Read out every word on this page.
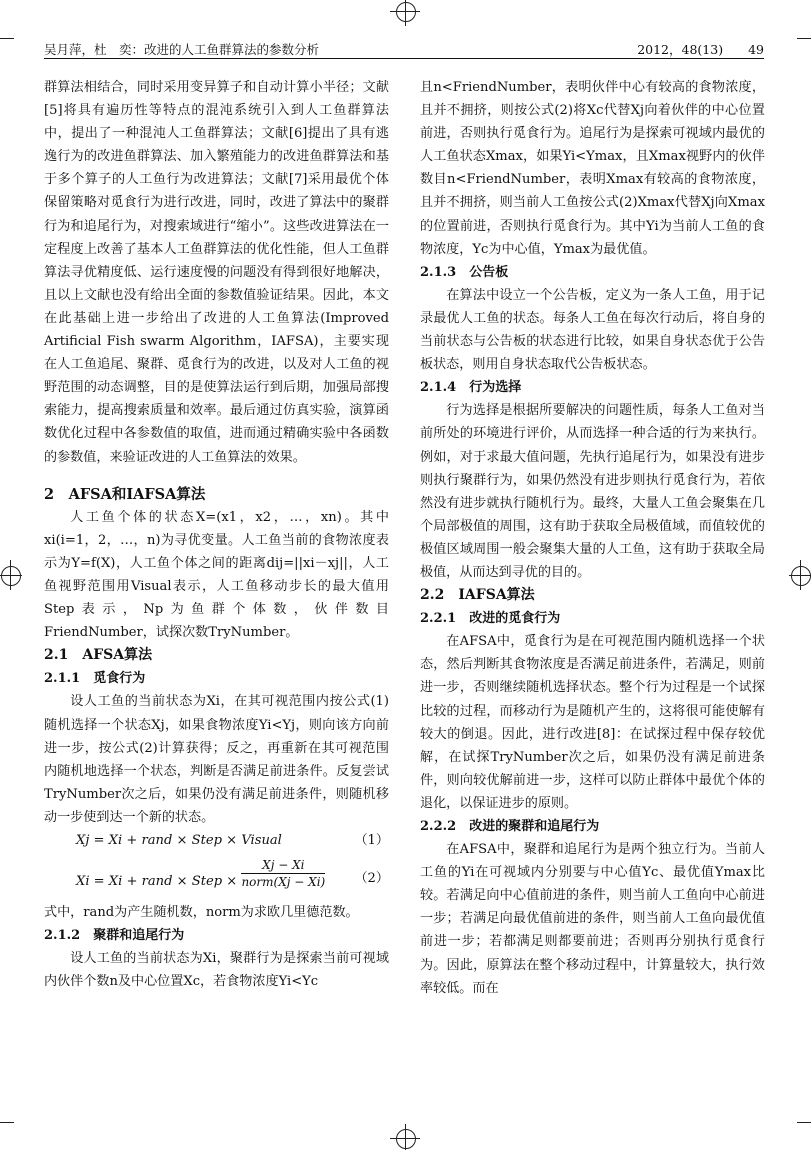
吴月萍，杜　奕：改进的人工鱼群算法的参数分析	2012，48(13)　　49

群算法相结合，同时采用变异算子和自动计算小半径；文献[5]将具有遍历性等特点的混沌系统引入到人工鱼群算法中，提出了一种混沌人工鱼群算法；文献[6]提出了具有逃逸行为的改进鱼群算法、加入繁殖能力的改进鱼群算法和基于多个算子的人工鱼行为改进算法；文献[7]采用最优个体保留策略对觅食行为进行改进，同时，改进了算法中的聚群行为和追尾行为，对搜索域进行“缩小”。这些改进算法在一定程度上改善了基本人工鱼群算法的优化性能，但人工鱼群算法寻优精度低、运行速度慢的问题没有得到很好地解决，且以上文献也没有给出全面的参数值验证结果。因此，本文在此基础上进一步给出了改进的人工鱼算法(Improved Artificial Fish swarm Algorithm，IAFSA)，主要实现在人工鱼追尾、聚群、觅食行为的改进，以及对人工鱼的视野范围的动态调整，目的是使算法运行到后期，加强局部搜索能力，提高搜索质量和效率。最后通过仿真实验，演算函数优化过程中各参数值的取值，进而通过精确实验中各函数的参数值，来验证改进的人工鱼算法的效果。

2　AFSA和IAFSA算法

人工鱼个体的状态X=(x1，x2，…，xn)。其中xi(i=1，2，…，n)为寻优变量。人工鱼当前的食物浓度表示为Y=f(X)，人工鱼个体之间的距离dij=||xi－xj||，人工鱼视野范围用Visual表示，人工鱼移动步长的最大值用Step表示，Np为鱼群个体数，伙伴数目FriendNumber，试探次数TryNumber。

2.1　AFSA算法

2.1.1　觅食行为

设人工鱼的当前状态为Xi，在其可视范围内按公式(1)随机选择一个状态Xj，如果食物浓度Yi<Yj，则向该方向前进一步，按公式(2)计算获得；反之，再重新在其可视范围内随机地选择一个状态，判断是否满足前进条件。反复尝试TryNumber次之后，如果仍没有满足前进条件，则随机移动一步使到达一个新的状态。

Xj = Xi + rand × Step × Visual	（1）
Xi = Xi + rand × Step × $\frac{Xj - Xi}{\text{norm(Xj − Xi)}} (2)$

式中，rand为产生随机数，norm为求欧几里德范数。

2.1.2　聚群和追尾行为

设人工鱼的当前状态为Xi，聚群行为是探索当前可视域内伙伴个数n及中心位置Xc，若食物浓度Yi<Yc

且n<FriendNumber，表明伙伴中心有较高的食物浓度，且并不拥挤，则按公式(2)将Xc代替Xj向着伙伴的中心位置前进，否则执行觅食行为。追尾行为是探索可视域内最优的人工鱼状态Xmax，如果Yi<Ymax，且Xmax视野内的伙伴数目n<FriendNumber，表明Xmax有较高的食物浓度，且并不拥挤，则当前人工鱼按公式(2)Xmax代替Xj向Xmax的位置前进，否则执行觅食行为。其中Yi为当前人工鱼的食物浓度，Yc为中心值，Ymax为最优值。

2.1.3　公告板

在算法中设立一个公告板，定义为一条人工鱼，用于记录最优人工鱼的状态。每条人工鱼在每次行动后，将自身的当前状态与公告板的状态进行比较，如果自身状态优于公告板状态，则用自身状态取代公告板状态。

2.1.4　行为选择

行为选择是根据所要解决的问题性质，每条人工鱼对当前所处的环境进行评价，从而选择一种合适的行为来执行。例如，对于求最大值问题，先执行追尾行为，如果没有进步则执行聚群行为，如果仍然没有进步则执行觅食行为，若依然没有进步就执行随机行为。最终，大量人工鱼会聚集在几个局部极值的周围，这有助于获取全局极值域，而值较优的极值区域周围一般会聚集大量的人工鱼，这有助于获取全局极值，从而达到寻优的目的。

2.2　IAFSA算法

2.2.1　改进的觅食行为

在AFSA中，觅食行为是在可视范围内随机选择一个状态，然后判断其食物浓度是否满足前进条件，若满足，则前进一步，否则继续随机选择状态。整个行为过程是一个试探比较的过程，而移动行为是随机产生的，这将很可能使解有较大的倒退。因此，进行改进[8]：在试探过程中保存较优解，在试探TryNumber次之后，如果仍没有满足前进条件，则向较优解前进一步，这样可以防止群体中最优个体的退化，以保证进步的原则。

2.2.2　改进的聚群和追尾行为

在AFSA中，聚群和追尾行为是两个独立行为。当前人工鱼的Yi在可视域内分别要与中心值Yc、最优值Ymax比较。若满足向中心值前进的条件，则当前人工鱼向中心前进一步；若满足向最优值前进的条件，则当前人工鱼向最优值前进一步；若都满足则都要前进；否则再分别执行觅食行为。因此，原算法在整个移动过程中，计算量较大，执行效率较低。而在
